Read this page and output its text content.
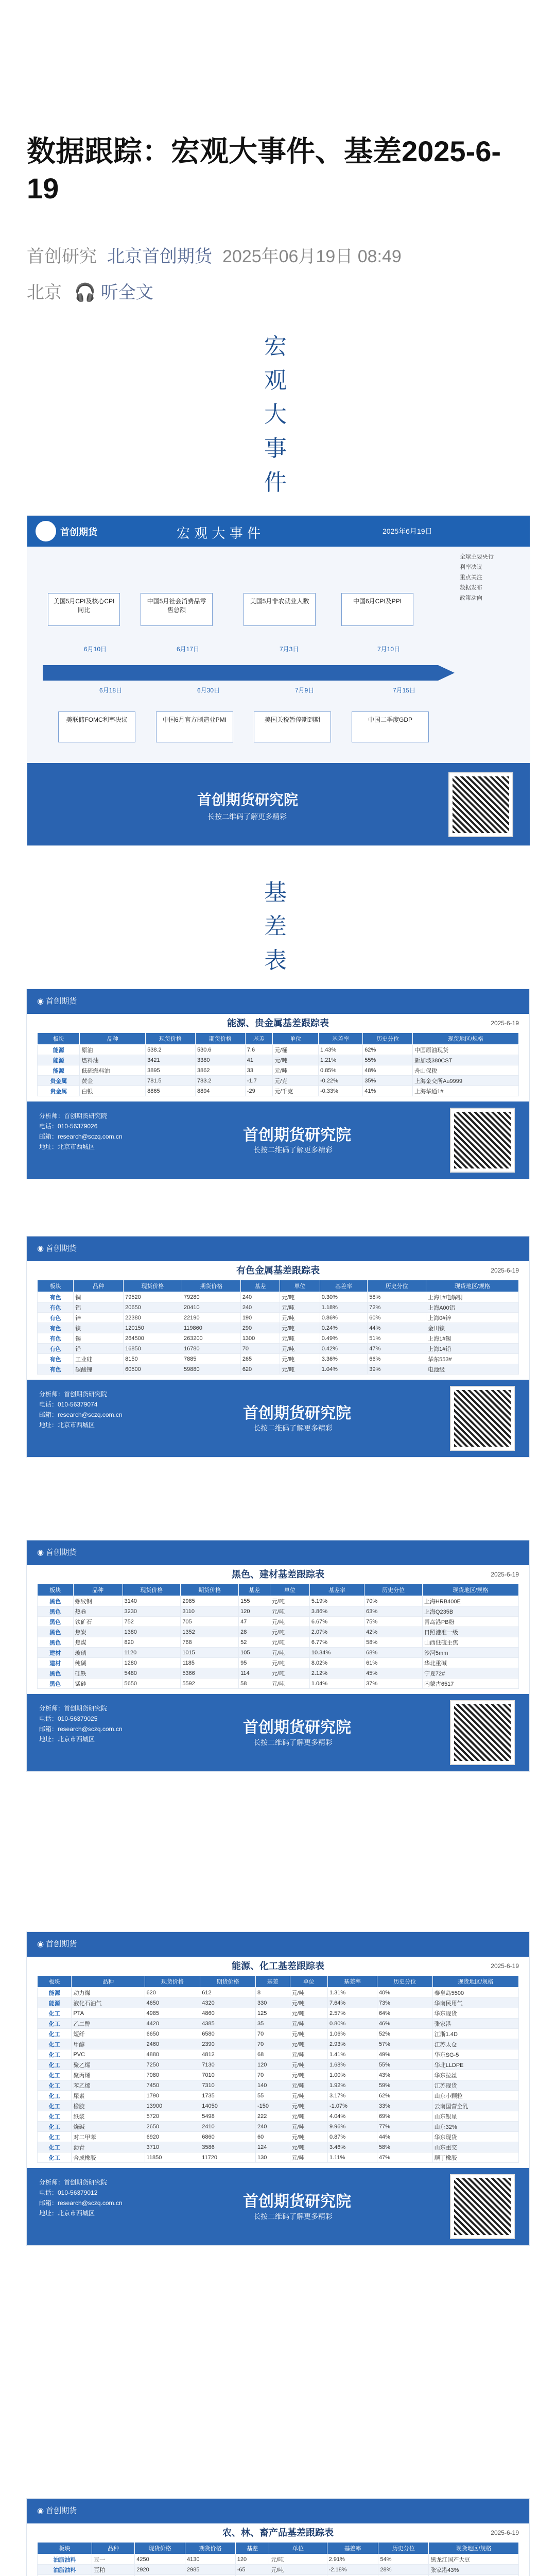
数据跟踪：宏观大事件、基差2025-6-19
首创研究 北京首创期货 2025年06月19日 08:49
北京 🎧 听全文
宏观大事件
首创期货	宏 观 大 事 件	2025年6月19日
全球主要央行
利率决议
重点关注
数据发布
政策动向
美国5月CPI及核心CPI同比
中国5月社会消费品零售总额
美国5月非农就业人数	中国6月CPI及PPI
6月10日	6月17日	7月3日	7月10日
6月18日	6月30日	7月9日	7月15日
美联储FOMC利率决议	中国6月官方制造业PMI	美国关税暂停期到期	中国二季度GDP
首创期货研究院
长按二维码了解更多精彩
基差表
◉ 首创期货
能源、贵金属基差跟踪表	2025-6-19
板块	品种	现货价格	期货价格	基差	单位	基差率	历史分位	现货地区/规格
能源	原油	538.2	530.6	7.6	元/桶	1.43%	62%	中国原油现货
能源	燃料油	3421	3380	41	元/吨	1.21%	55%	新加坡380CST
能源	低硫燃料油	3895	3862	33	元/吨	0.85%	48%	舟山保税
贵金属	黄金	781.5	783.2	-1.7	元/克	-0.22%	35%	上海金交所Au9999
贵金属	白银	8865	8894	-29	元/千克	-0.33%	41%	上海华通1#
分析师：首创期货研究院
电话：010-56379026
邮箱：research@sczq.com.cn
地址：北京市西城区
首创期货研究院
长按二维码了解更多精彩
◉ 首创期货
有色金属基差跟踪表	2025-6-19
板块	品种	现货价格	期货价格	基差	单位	基差率	历史分位	现货地区/规格
有色	铜	79520	79280	240	元/吨	0.30%	58%	上海1#电解铜
有色	铝	20650	20410	240	元/吨	1.18%	72%	上海A00铝
有色	锌	22380	22190	190	元/吨	0.86%	60%	上海0#锌
有色	镍	120150	119860	290	元/吨	0.24%	44%	金川镍
有色	锡	264500	263200	1300	元/吨	0.49%	51%	上海1#锡
有色	铅	16850	16780	70	元/吨	0.42%	47%	上海1#铅
有色	工业硅	8150	7885	265	元/吨	3.36%	66%	华东553#
有色	碳酸锂	60500	59880	620	元/吨	1.04%	39%	电池级
分析师：首创期货研究院
电话：010-56379074
邮箱：research@sczq.com.cn
地址：北京市西城区
首创期货研究院
长按二维码了解更多精彩
◉ 首创期货
黑色、建材基差跟踪表	2025-6-19
板块	品种	现货价格	期货价格	基差	单位	基差率	历史分位	现货地区/规格
黑色	螺纹钢	3140	2985	155	元/吨	5.19%	70%	上海HRB400E
黑色	热卷	3230	3110	120	元/吨	3.86%	63%	上海Q235B
黑色	铁矿石	752	705	47	元/吨	6.67%	75%	青岛港PB粉
黑色	焦炭	1380	1352	28	元/吨	2.07%	42%	日照港准一级
黑色	焦煤	820	768	52	元/吨	6.77%	58%	山西低硫主焦
建材	玻璃	1120	1015	105	元/吨	10.34%	68%	沙河5mm
建材	纯碱	1280	1185	95	元/吨	8.02%	61%	华北重碱
黑色	硅铁	5480	5366	114	元/吨	2.12%	45%	宁夏72#
黑色	锰硅	5650	5592	58	元/吨	1.04%	37%	内蒙古6517
分析师：首创期货研究院
电话：010-56379025
邮箱：research@sczq.com.cn
地址：北京市西城区
首创期货研究院
长按二维码了解更多精彩
◉ 首创期货
能源、化工基差跟踪表	2025-6-19
板块	品种	现货价格	期货价格	基差	单位	基差率	历史分位	现货地区/规格
能源	动力煤	620	612	8	元/吨	1.31%	40%	秦皇岛5500
能源	液化石油气	4650	4320	330	元/吨	7.64%	73%	华南民用气
化工	PTA	4985	4860	125	元/吨	2.57%	64%	华东现货
化工	乙二醇	4420	4385	35	元/吨	0.80%	46%	张家港
化工	短纤	6650	6580	70	元/吨	1.06%	52%	江浙1.4D
化工	甲醇	2460	2390	70	元/吨	2.93%	57%	江苏太仓
化工	PVC	4880	4812	68	元/吨	1.41%	49%	华东SG-5
化工	聚乙烯	7250	7130	120	元/吨	1.68%	55%	华北LLDPE
化工	聚丙烯	7080	7010	70	元/吨	1.00%	43%	华东拉丝
化工	苯乙烯	7450	7310	140	元/吨	1.92%	59%	江苏现货
化工	尿素	1790	1735	55	元/吨	3.17%	62%	山东小颗粒
化工	橡胶	13900	14050	-150	元/吨	-1.07%	33%	云南国营全乳
化工	纸浆	5720	5498	222	元/吨	4.04%	69%	山东银星
化工	烧碱	2650	2410	240	元/吨	9.96%	77%	山东32%
化工	对二甲苯	6920	6860	60	元/吨	0.87%	44%	华东现货
化工	沥青	3710	3586	124	元/吨	3.46%	58%	山东重交
化工	合成橡胶	11850	11720	130	元/吨	1.11%	47%	顺丁橡胶
分析师：首创期货研究院
电话：010-56379012
邮箱：research@sczq.com.cn
地址：北京市西城区
首创期货研究院
长按二维码了解更多精彩
◉ 首创期货
农、林、畜产品基差跟踪表	2025-6-19
板块	品种	现货价格	期货价格	基差	单位	基差率	历史分位	现货地区/规格
油脂油料	豆一	4250	4130	120	元/吨	2.91%	54%	黑龙江国产大豆
油脂油料	豆粕	2920	2985	-65	元/吨	-2.18%	28%	张家港43%
